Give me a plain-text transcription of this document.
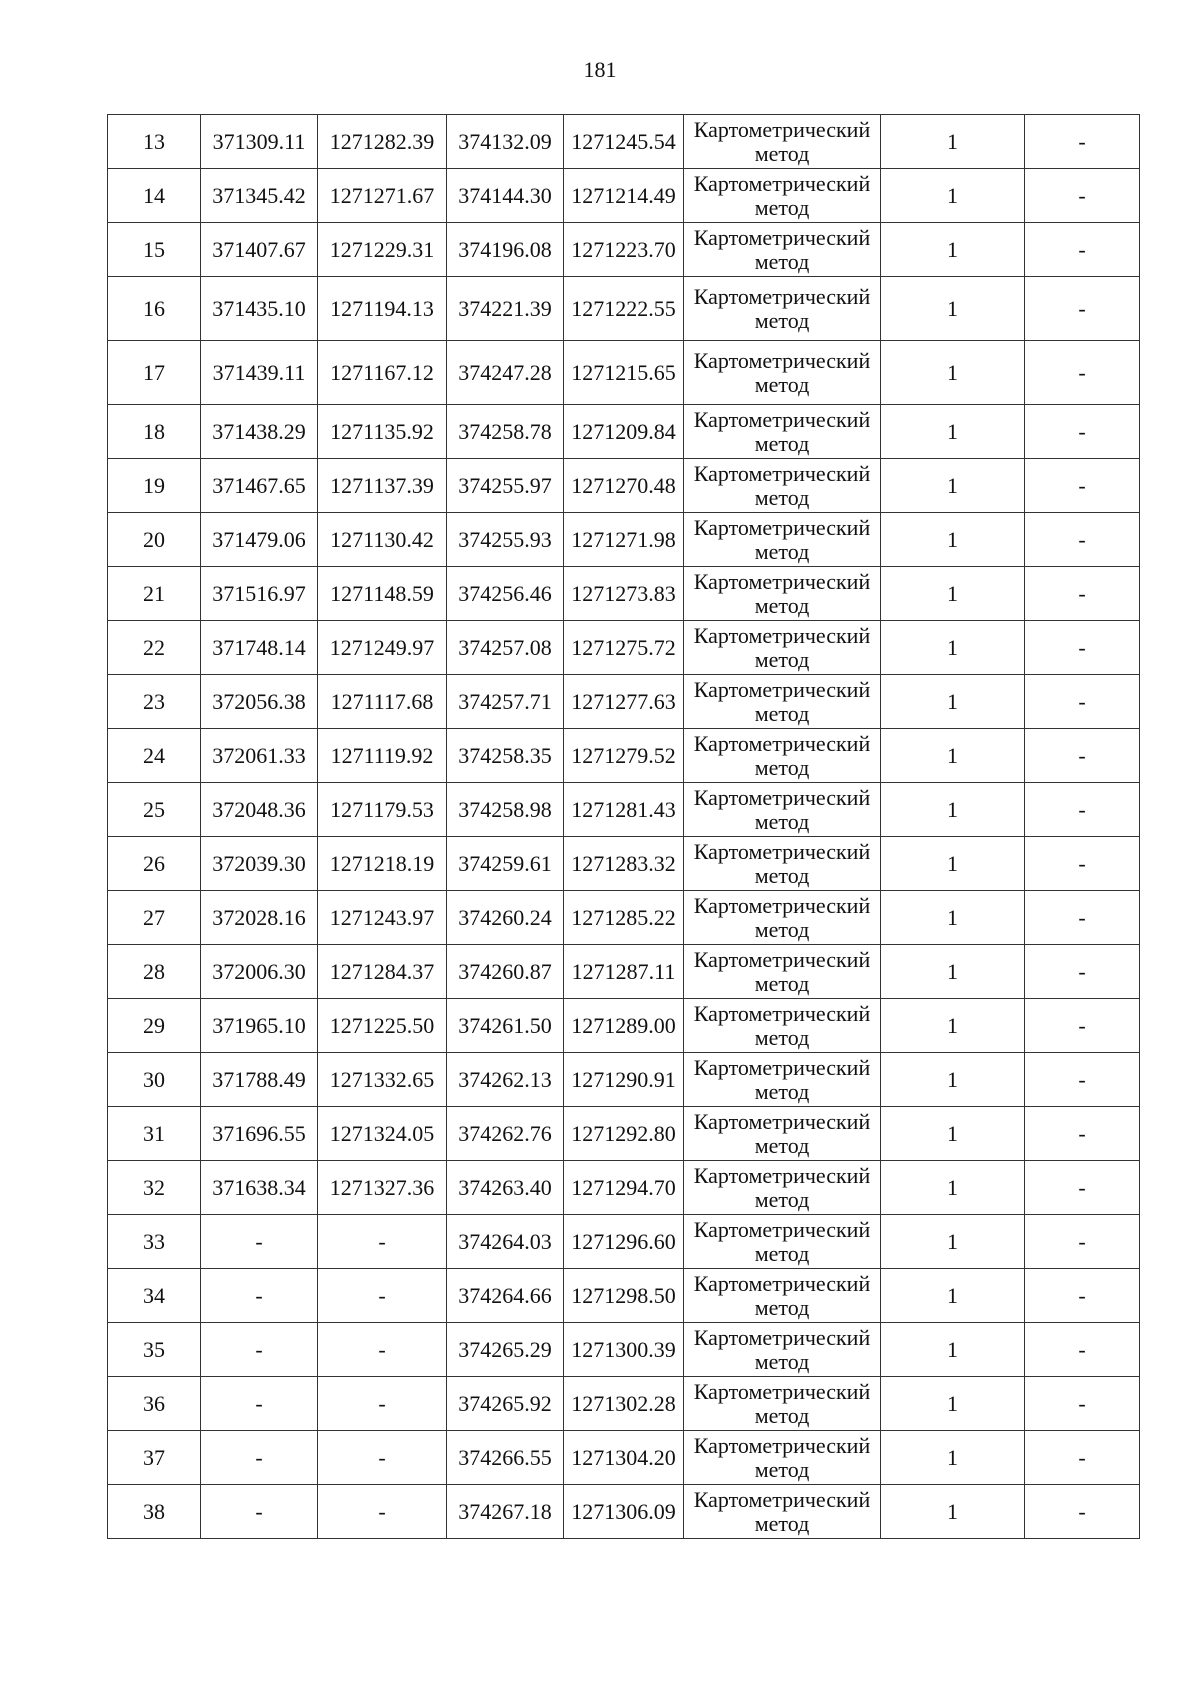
181
13	371309.11	1271282.39	374132.09	1271245.54	Картометрический
метод	1	-
14	371345.42	1271271.67	374144.30	1271214.49	Картометрический
метод	1	-
15	371407.67	1271229.31	374196.08	1271223.70	Картометрический
метод	1	-
16	371435.10	1271194.13	374221.39	1271222.55	Картометрический
метод	1	-
17	371439.11	1271167.12	374247.28	1271215.65	Картометрический
метод	1	-
18	371438.29	1271135.92	374258.78	1271209.84	Картометрический
метод	1	-
19	371467.65	1271137.39	374255.97	1271270.48	Картометрический
метод	1	-
20	371479.06	1271130.42	374255.93	1271271.98	Картометрический
метод	1	-
21	371516.97	1271148.59	374256.46	1271273.83	Картометрический
метод	1	-
22	371748.14	1271249.97	374257.08	1271275.72	Картометрический
метод	1	-
23	372056.38	1271117.68	374257.71	1271277.63	Картометрический
метод	1	-
24	372061.33	1271119.92	374258.35	1271279.52	Картометрический
метод	1	-
25	372048.36	1271179.53	374258.98	1271281.43	Картометрический
метод	1	-
26	372039.30	1271218.19	374259.61	1271283.32	Картометрический
метод	1	-
27	372028.16	1271243.97	374260.24	1271285.22	Картометрический
метод	1	-
28	372006.30	1271284.37	374260.87	1271287.11	Картометрический
метод	1	-
29	371965.10	1271225.50	374261.50	1271289.00	Картометрический
метод	1	-
30	371788.49	1271332.65	374262.13	1271290.91	Картометрический
метод	1	-
31	371696.55	1271324.05	374262.76	1271292.80	Картометрический
метод	1	-
32	371638.34	1271327.36	374263.40	1271294.70	Картометрический
метод	1	-
33	-	-	374264.03	1271296.60	Картометрический
метод	1	-
34	-	-	374264.66	1271298.50	Картометрический
метод	1	-
35	-	-	374265.29	1271300.39	Картометрический
метод	1	-
36	-	-	374265.92	1271302.28	Картометрический
метод	1	-
37	-	-	374266.55	1271304.20	Картометрический
метод	1	-
38	-	-	374267.18	1271306.09	Картометрический
метод	1	-
